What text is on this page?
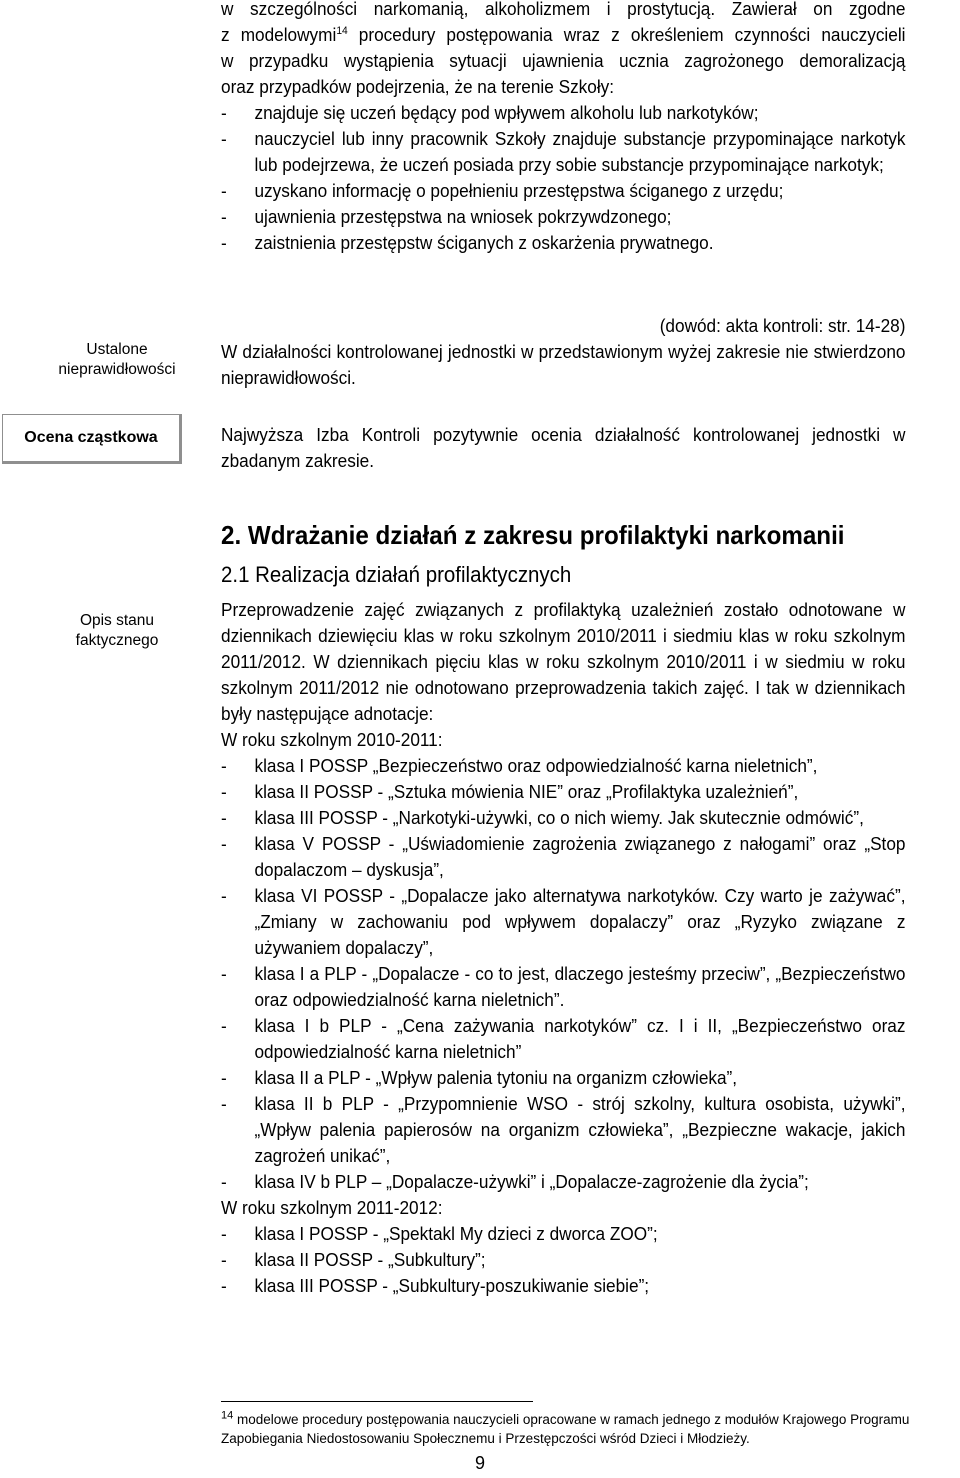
Ustalone nieprawidłowości
Ocena cząstkowa
Opis stanu faktycznego

w szczególności narkomanią, alkoholizmem i prostytucją. Zawierał on zgodne

z modelowymi$^{14}$ procedury postępowania wraz z określeniem czynności nauczycieli

w przypadku wystąpienia sytuacji ujawnienia ucznia zagrożonego demoralizacją

oraz przypadków podejrzenia, że na terenie Szkoły:

-	znajduje się uczeń będący pod wpływem alkoholu lub narkotyków;
-	nauczyciel lub inny pracownik Szkoły znajduje substancje przypominające narkotyk lub podejrzewa, że uczeń posiada przy sobie substancje przypominające narkotyk;
-	uzyskano informację o popełnieniu przestępstwa ściganego z urzędu;
-	ujawnienia przestępstwa na wniosek pokrzywdzonego;
-	zaistnienia przestępstw ściganych z oskarżenia prywatnego.

(dowód: akta kontroli: str. 14-28)

W działalności kontrolowanej jednostki w przedstawionym wyżej zakresie nie stwierdzono nieprawidłowości.

Najwyższa Izba Kontroli pozytywnie ocenia działalność kontrolowanej jednostki w zbadanym zakresie.

2. Wdrażanie działań z zakresu profilaktyki narkomanii
2.1 Realizacja działań profilaktycznych

Przeprowadzenie zajęć związanych z profilaktyką uzależnień zostało odnotowane w dziennikach dziewięciu klas w roku szkolnym 2010/2011 i siedmiu klas w roku szkolnym 2011/2012. W dziennikach pięciu klas w roku szkolnym 2010/2011 i w siedmiu w roku szkolnym 2011/2012 nie odnotowano przeprowadzenia takich zajęć. I tak w dziennikach były następujące adnotacje:

W roku szkolnym 2010-2011:

-	klasa I POSSP „Bezpieczeństwo oraz odpowiedzialność karna nieletnich”,
-	klasa II POSSP - „Sztuka mówienia NIE” oraz „Profilaktyka uzależnień”,
-	klasa III POSSP - „Narkotyki-używki, co o nich wiemy. Jak skutecznie odmówić”,
-	klasa V POSSP - „Uświadomienie zagrożenia związanego z nałogami” oraz „Stop dopalaczom – dyskusja”,
-	klasa VI POSSP - „Dopalacze jako alternatywa narkotyków. Czy warto je zażywać”, „Zmiany w zachowaniu pod wpływem dopalaczy” oraz „Ryzyko związane z używaniem dopalaczy”,
-	klasa I a PLP - „Dopalacze - co to jest, dlaczego jesteśmy przeciw”, „Bezpieczeństwo oraz odpowiedzialność karna nieletnich”.
-	klasa I b PLP - „Cena zażywania narkotyków” cz. I i II, „Bezpieczeństwo oraz odpowiedzialność karna nieletnich”
-	klasa II a PLP - „Wpływ palenia tytoniu na organizm człowieka”,
-	klasa II b PLP - „Przypomnienie WSO - strój szkolny, kultura osobista, używki”, „Wpływ palenia papierosów na organizm człowieka”, „Bezpieczne wakacje, jakich zagrożeń unikać”,
-	klasa IV b PLP – „Dopalacze-używki” i „Dopalacze-zagrożenie dla życia”;

W roku szkolnym 2011-2012:

-	klasa I POSSP - „Spektakl My dzieci z dworca ZOO”;
-	klasa II POSSP - „Subkultury”;
-	klasa III POSSP - „Subkultury-poszukiwanie siebie”;
$^{14}$ modelowe procedury postępowania nauczycieli opracowane w ramach jednego z modułów Krajowego Programu Zapobiegania Niedostosowaniu Społecznemu i Przestępczości wśród Dzieci i Młodzieży.
9
